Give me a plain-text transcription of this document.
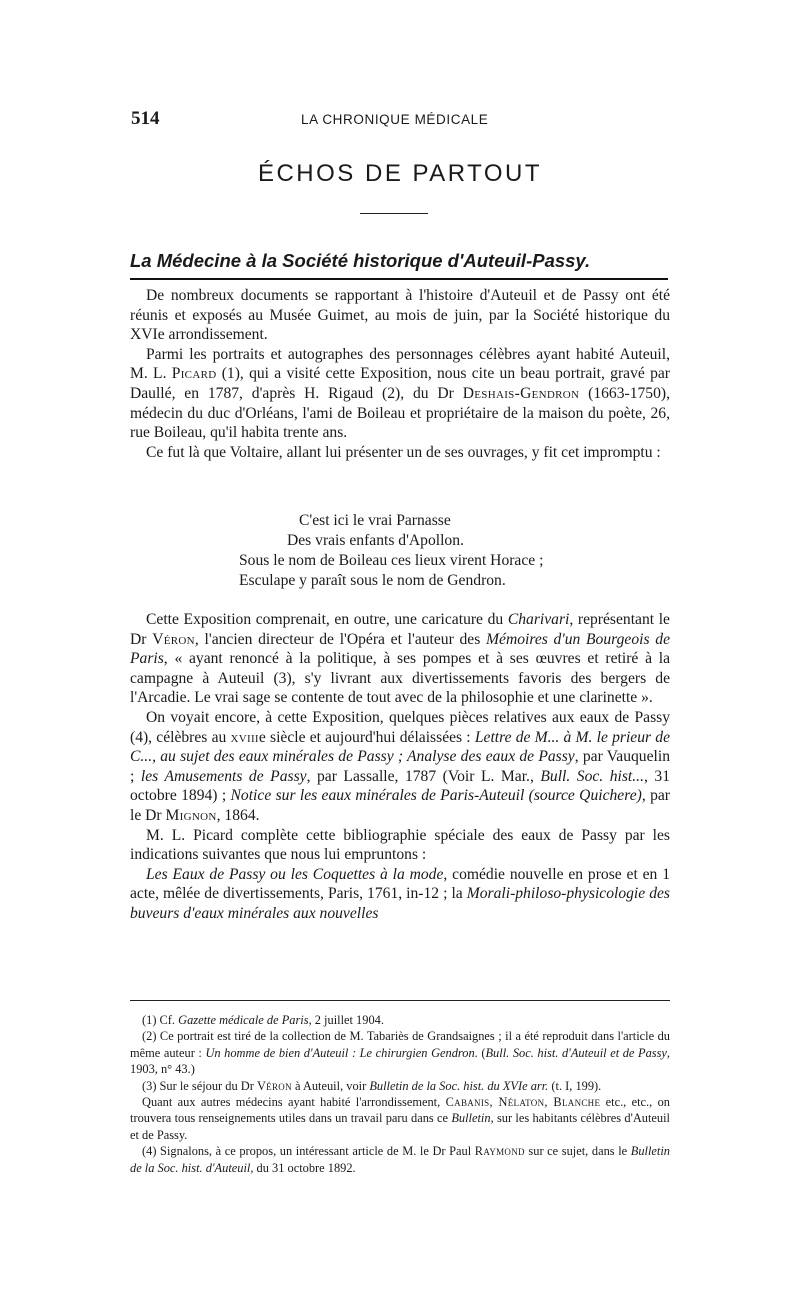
514	LA CHRONIQUE MÉDICALE
ÉCHOS DE PARTOUT
La Médecine à la Société historique d'Auteuil-Passy.

De nombreux documents se rapportant à l'histoire d'Auteuil et de Passy ont été réunis et exposés au Musée Guimet, au mois de juin, par la Société historique du XVIe arrondissement.

Parmi les portraits et autographes des personnages célèbres ayant habité Auteuil, M. L. Picard (1), qui a visité cette Exposition, nous cite un beau portrait, gravé par Daullé, en 1787, d'après H. Rigaud (2), du Dr Deshais-Gendron (1663-1750), médecin du duc d'Orléans, l'ami de Boileau et propriétaire de la maison du poète, 26, rue Boileau, qu'il habita trente ans.

Ce fut là que Voltaire, allant lui présenter un de ses ouvrages, y fit cet impromptu :

C'est ici le vrai Parnasse
Des vrais enfants d'Apollon.
Sous le nom de Boileau ces lieux virent Horace ;
Esculape y paraît sous le nom de Gendron.

Cette Exposition comprenait, en outre, une caricature du Charivari, représentant le Dr Véron, l'ancien directeur de l'Opéra et l'auteur des Mémoires d'un Bourgeois de Paris, « ayant renoncé à la politique, à ses pompes et à ses œuvres et retiré à la campagne à Auteuil (3), s'y livrant aux divertissements favoris des bergers de l'Arcadie. Le vrai sage se contente de tout avec de la philosophie et une clarinette ».

On voyait encore, à cette Exposition, quelques pièces relatives aux eaux de Passy (4), célèbres au xviiie siècle et aujourd'hui délaissées : Lettre de M... à M. le prieur de C..., au sujet des eaux minérales de Passy ; Analyse des eaux de Passy, par Vauquelin ; les Amusements de Passy, par Lassalle, 1787 (Voir L. Mar., Bull. Soc. hist..., 31 octobre 1894) ; Notice sur les eaux minérales de Paris-Auteuil (source Quichere), par le Dr Mignon, 1864.

M. L. Picard complète cette bibliographie spéciale des eaux de Passy par les indications suivantes que nous lui empruntons :

Les Eaux de Passy ou les Coquettes à la mode, comédie nouvelle en prose et en 1 acte, mêlée de divertissements, Paris, 1761, in-12 ; la Morali-philoso-physicologie des buveurs d'eaux minérales aux nouvelles

(1) Cf. Gazette médicale de Paris, 2 juillet 1904.

(2) Ce portrait est tiré de la collection de M. Tabariès de Grandsaignes ; il a été reproduit dans l'article du même auteur : Un homme de bien d'Auteuil : Le chirurgien Gendron. (Bull. Soc. hist. d'Auteuil et de Passy, 1903, n° 43.)

(3) Sur le séjour du Dr Véron à Auteuil, voir Bulletin de la Soc. hist. du XVIe arr. (t. I, 199).

Quant aux autres médecins ayant habité l'arrondissement, Cabanis, Nélaton, Blanche etc., etc., on trouvera tous renseignements utiles dans un travail paru dans ce Bulletin, sur les habitants célèbres d'Auteuil et de Passy.

(4) Signalons, à ce propos, un intéressant article de M. le Dr Paul Raymond sur ce sujet, dans le Bulletin de la Soc. hist. d'Auteuil, du 31 octobre 1892.
